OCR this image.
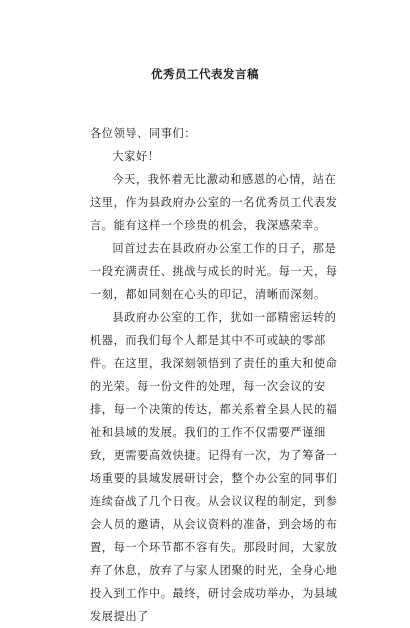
优秀员工代表发言稿

各位领导、同事们：

大家好！

今天，我怀着无比激动和感恩的心情，站在这里，作为县政府办公室的一名优秀员工代表发言。能有这样一个珍贵的机会，我深感荣幸。

回首过去在县政府办公室工作的日子，那是一段充满责任、挑战与成长的时光。每一天，每一刻，都如同刻在心头的印记，清晰而深刻。

县政府办公室的工作，犹如一部精密运转的机器，而我们每个人都是其中不可或缺的零部件。在这里，我深刻领悟到了责任的重大和使命的光荣。每一份文件的处理，每一次会议的安排，每一个决策的传达，都关系着全县人民的福祉和县域的发展。我们的工作不仅需要严谨细致，更需要高效快捷。记得有一次，为了筹备一场重要的县域发展研讨会，整个办公室的同事们连续奋战了几个日夜。从会议议程的制定，到参会人员的邀请，从会议资料的准备，到会场的布置，每一个环节都不容有失。那段时间，大家放弃了休息，放弃了与家人团聚的时光，全身心地投入到工作中。最终，研讨会成功举办，为县域发展提出了
